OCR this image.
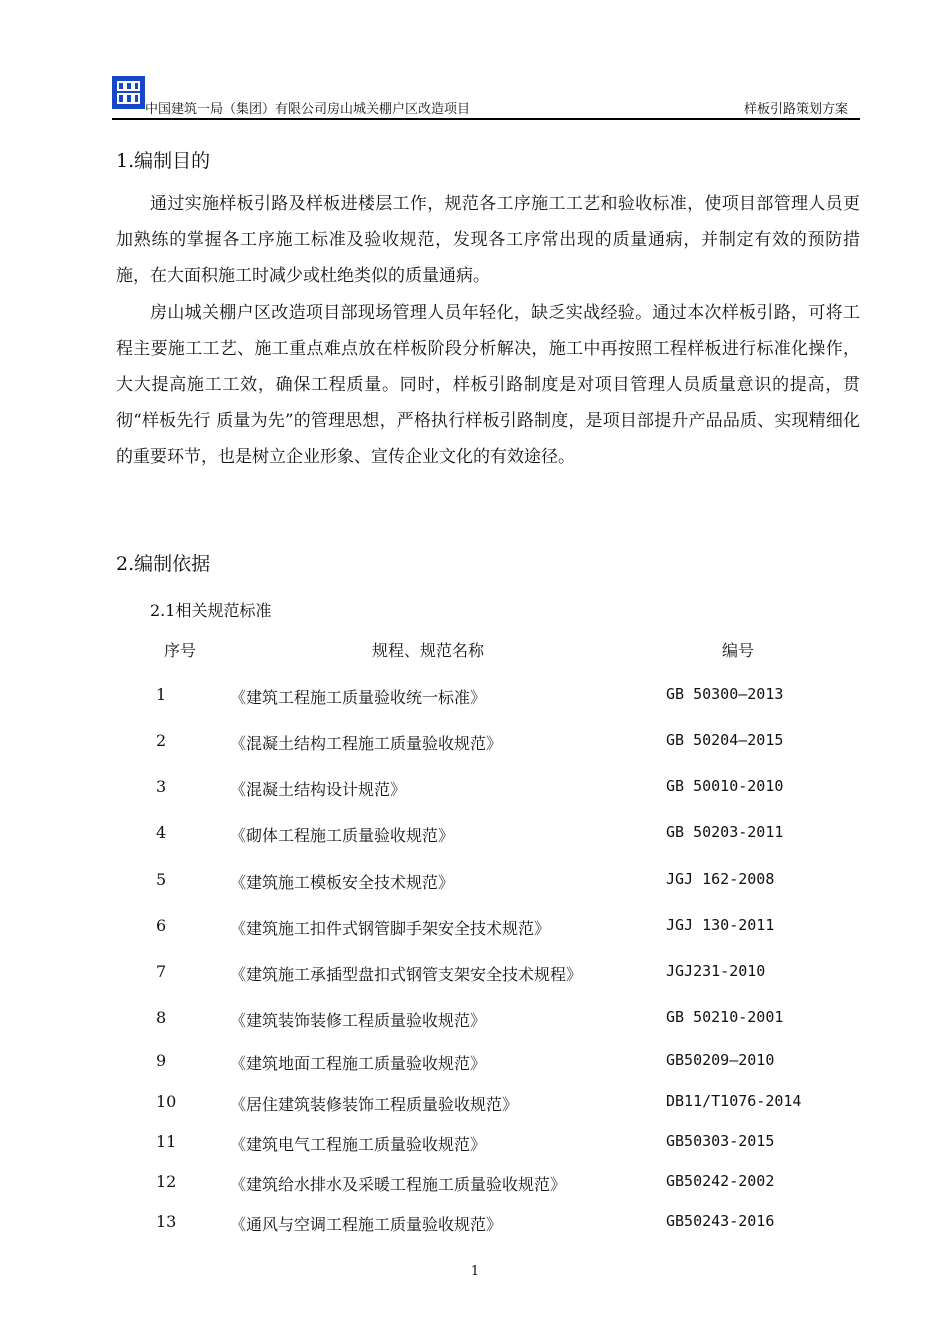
中国建筑一局（集团）有限公司房山城关棚户区改造项目	样板引路策划方案
1.编制目的

通过实施样板引路及样板进楼层工作，规范各工序施工工艺和验收标准，使项目部管理人员更加熟练的掌握各工序施工标准及验收规范，发现各工序常出现的质量通病，并制定有效的预防措施，在大面积施工时减少或杜绝类似的质量通病。

房山城关棚户区改造项目部现场管理人员年轻化，缺乏实战经验。通过本次样板引路，可将工程主要施工工艺、施工重点难点放在样板阶段分析解决，施工中再按照工程样板进行标准化操作，大大提高施工工效，确保工程质量。同时，样板引路制度是对项目管理人员质量意识的提高，贯彻“样板先行 质量为先”的管理思想，严格执行样板引路制度，是项目部提升产品品质、实现精细化的重要环节，也是树立企业形象、宣传企业文化的有效途径。

2.编制依据
2.1相关规范标准
序号	规程、规范名称	编号
1	《建筑工程施工质量验收统一标准》	GB 50300—2013
2	《混凝土结构工程施工质量验收规范》	GB 50204—2015
3	《混凝土结构设计规范》	GB 50010-2010
4	《砌体工程施工质量验收规范》	GB 50203-2011
5	《建筑施工模板安全技术规范》	JGJ 162-2008
6	《建筑施工扣件式钢管脚手架安全技术规范》	JGJ 130-2011
7	《建筑施工承插型盘扣式钢管支架安全技术规程》	JGJ231-2010
8	《建筑装饰装修工程质量验收规范》	GB 50210-2001
9	《建筑地面工程施工质量验收规范》	GB50209—2010
10	《居住建筑装修装饰工程质量验收规范》	DB11/T1076-2014
11	《建筑电气工程施工质量验收规范》	GB50303-2015
12	《建筑给水排水及采暖工程施工质量验收规范》	GB50242-2002
13	《通风与空调工程施工质量验收规范》	GB50243-2016
1
